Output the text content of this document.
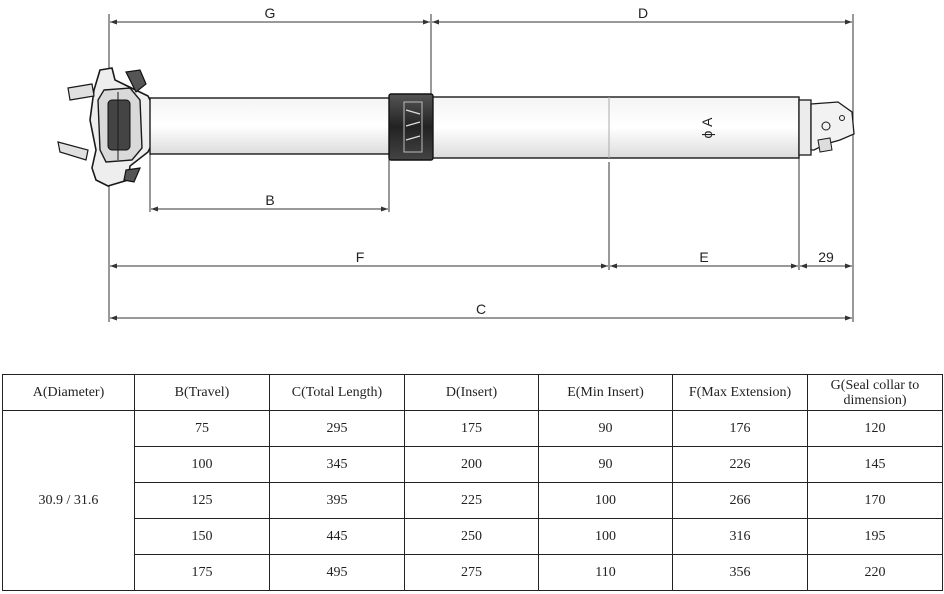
G	D
B
F	E	29
C
ϕ A
A(Diameter)	B(Travel)	C(Total Length)	D(Insert)	E(Min Insert)	F(Max Extension)	G(Seal collar to dimension)
30.9 / 31.6	75	295	175	90	176	120
	100	345	200	90	226	145
	125	395	225	100	266	170
	150	445	250	100	316	195
	175	495	275	110	356	220
